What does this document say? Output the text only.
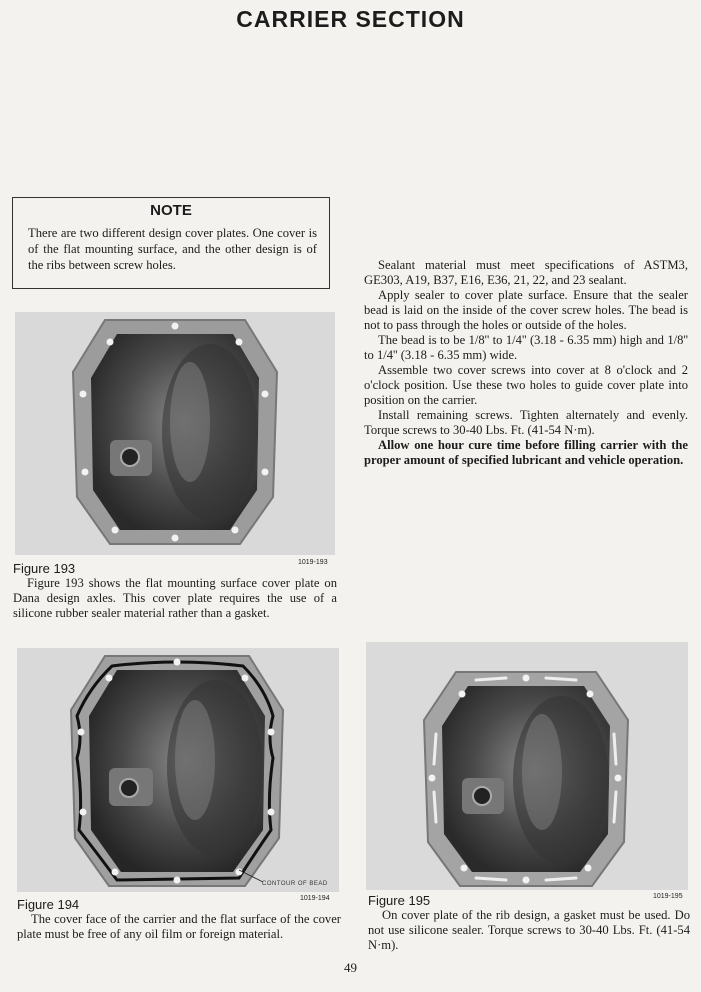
CARRIER SECTION
NOTE
There are two different design cover plates. One cover is of the flat mounting surface, and the other design is of the ribs between screw holes.	Sealant material must meet specifications of ASTM3, GE303, A19, B37, E16, E36, 21, 22, and 23 sealant.

Apply sealer to cover plate surface. Ensure that the sealer bead is laid on the inside of the cover screw holes. The bead is not to pass through the holes or outside of the holes.

The bead is to be 1/8'' to 1/4'' (3.18 - 6.35 mm) high and 1/8'' to 1/4'' (3.18 - 6.35 mm) wide.

Assemble two cover screws into cover at 8 o'clock and 2 o'clock position. Use these two holes to guide cover plate into position on the carrier.

Install remaining screws. Tighten alternately and evenly. Torque screws to 30-40 Lbs. Ft. (41-54 N·m).

Allow one hour cure time before filling carrier with the proper amount of specified lubricant and vehicle operation.

Figure 193	1019-193

Figure 193 shows the flat mounting surface cover plate on Dana design axles. This cover plate requires the use of a silicone rubber sealer material rather than a gasket.

CONTOUR OF BEAD
Figure 194	1019-194

The cover face of the carrier and the flat surface of the cover plate must be free of any oil film or foreign material.

Figure 195	1019-195

On cover plate of the rib design, a gasket must be used. Do not use silicone sealer. Torque screws to 30-40 Lbs. Ft. (41-54 N·m).

49
